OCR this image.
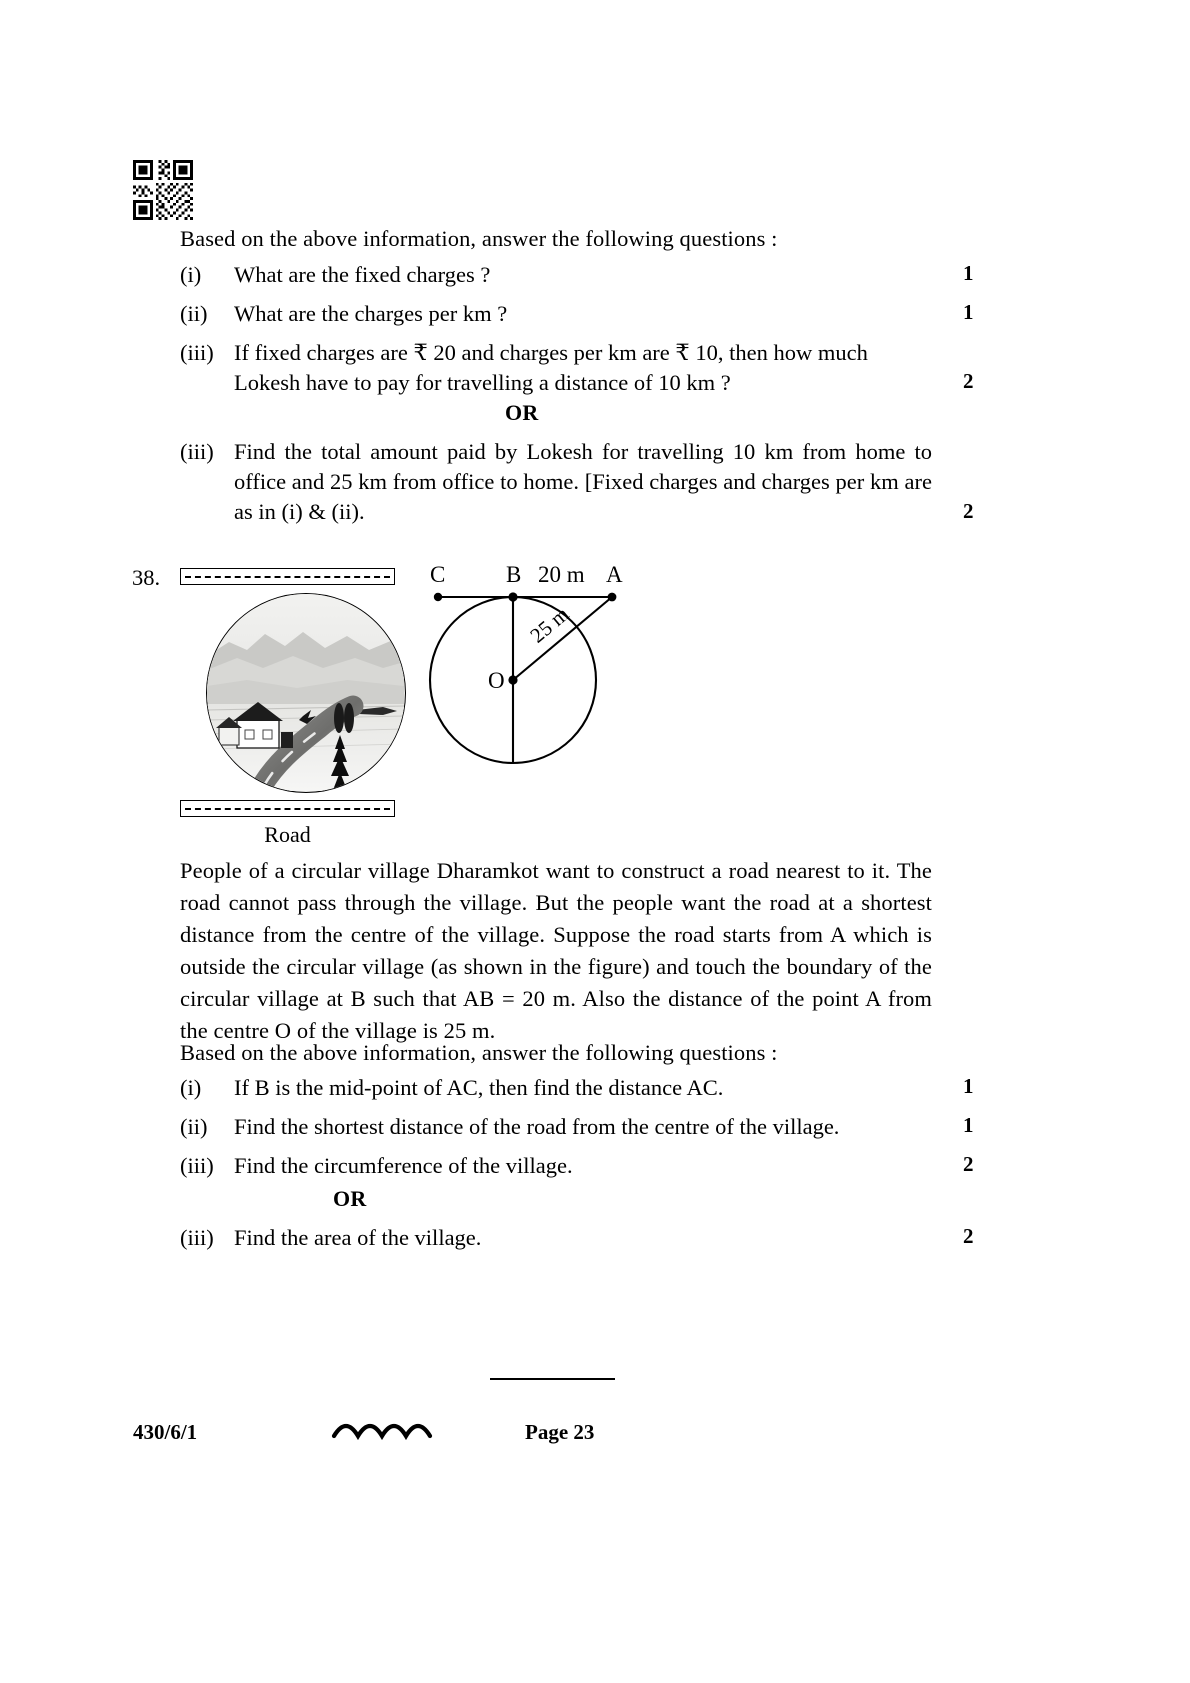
Based on the above information, answer the following questions :
(i)	What are the fixed charges ?	1
(ii)	What are the charges per km ?	1
(iii) If fixed charges are ₹ 20 and charges per km are ₹ 10, then how much Lokesh have to pay for travelling a distance of 10 km ?	2
OR
(iii) Find the total amount paid by Lokesh for travelling 10 km from home to office and 25 km from office to home. [Fixed charges and charges per km are as in (i) & (ii).	2
38.
Road
C	B 20 m A
25 m
O
People of a circular village Dharamkot want to construct a road nearest to it. The road cannot pass through the village. But the people want the road at a shortest distance from the centre of the village. Suppose the road starts from A which is outside the circular village (as shown in the figure) and touch the boundary of the circular village at B such that AB = 20 m. Also the distance of the point A from the centre O of the village is 25 m.
Based on the above information, answer the following questions :
(i)	If B is the mid-point of AC, then find the distance AC.	1
(ii)	Find the shortest distance of the road from the centre of the village.	1
(iii) Find the circumference of the village.	2
OR
(iii) Find the area of the village.	2
430/6/1	Page 23
